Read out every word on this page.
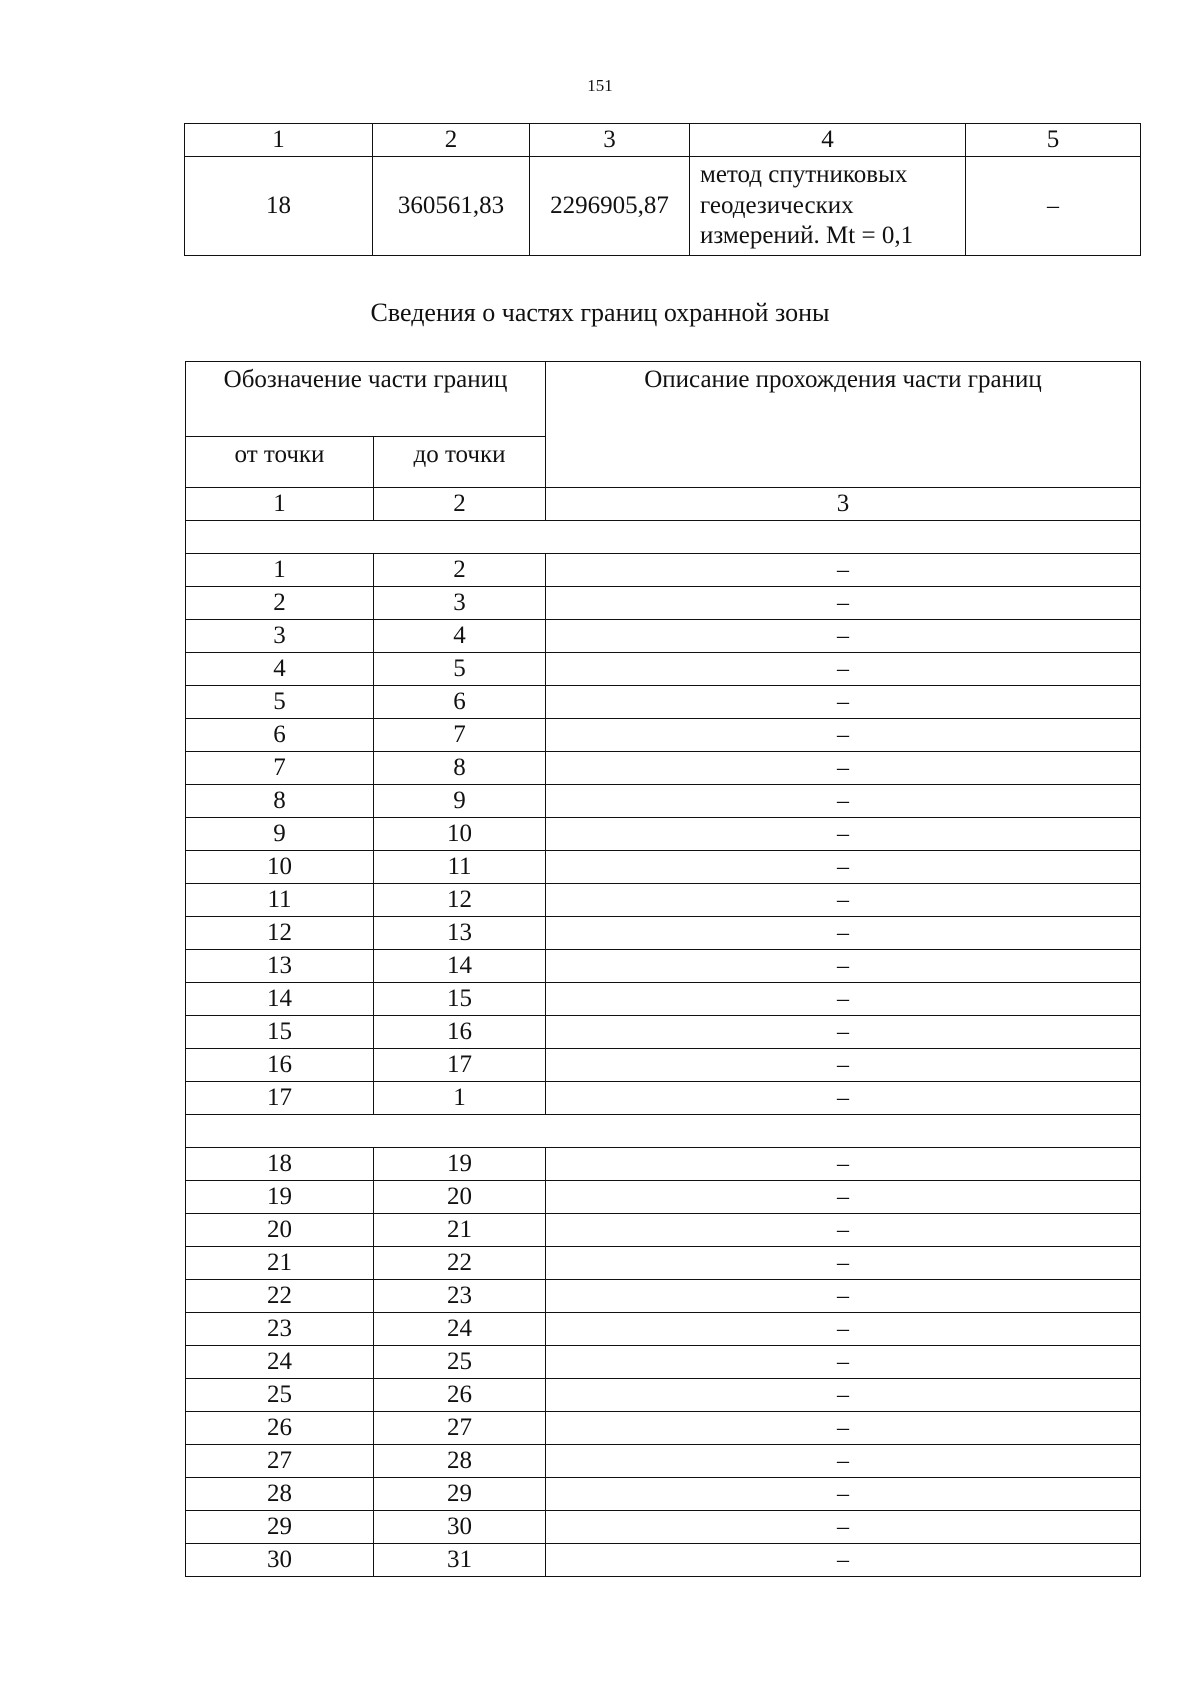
151
1	2	3	4	5
18	360561,83	2296905,87	метод спутниковых
геодезических
измерений. Mt = 0,1	–
Сведения о частях границ охранной зоны
Обозначение части границ		Описание прохождения части границ
от точки	до точки	
1	2	3

1	2	–
2	3	–
3	4	–
4	5	–
5	6	–
6	7	–
7	8	–
8	9	–
9	10	–
10	11	–
11	12	–
12	13	–
13	14	–
14	15	–
15	16	–
16	17	–
17	1	–

18	19	–
19	20	–
20	21	–
21	22	–
22	23	–
23	24	–
24	25	–
25	26	–
26	27	–
27	28	–
28	29	–
29	30	–
30	31	–
